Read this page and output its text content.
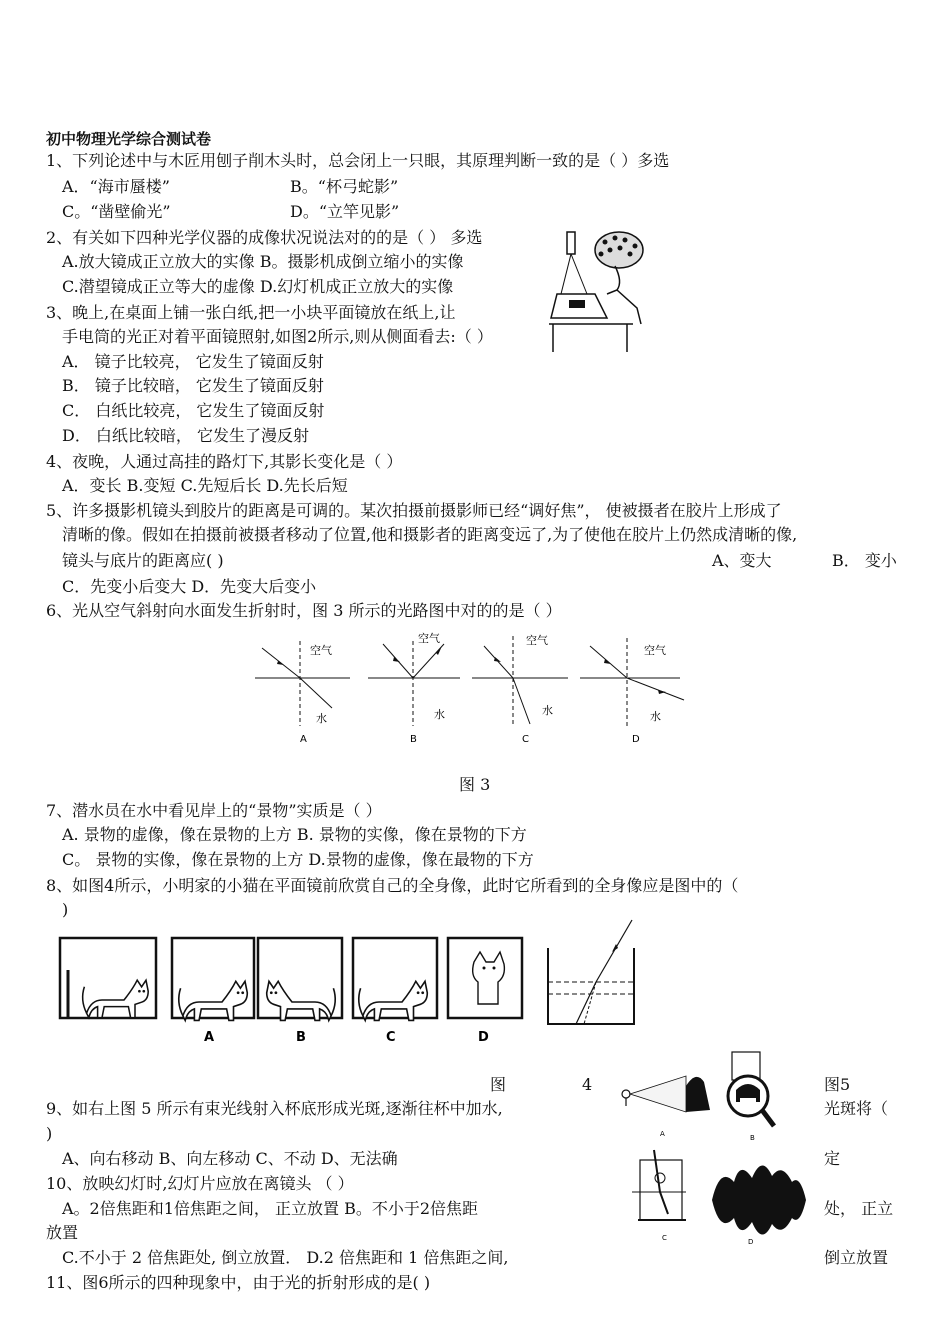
初中物理光学综合测试卷
1、下列论述中与木匠用刨子削木头时，总会闭上一只眼，其原理判断一致的是（ ）多选
A．“海市蜃楼”	B。“杯弓蛇影”
C。“凿壁偷光”	D。“立竿见影”
2、有关如下四种光学仪器的成像状况说法对的的是（ ） 多选
A.放大镜成正立放大的实像 B。摄影机成倒立缩小的实像
C.潜望镜成正立等大的虚像 D.幻灯机成正立放大的实像
3、晚上,在桌面上铺一张白纸,把一小块平面镜放在纸上,让
手电筒的光正对着平面镜照射,如图2所示,则从侧面看去:（ ）
A． 镜子比较亮， 它发生了镜面反射
B． 镜子比较暗， 它发生了镜面反射
C． 白纸比较亮， 它发生了镜面反射
D． 白纸比较暗， 它发生了漫反射
4、夜晚，人通过高挂的路灯下,其影长变化是（ ）
A．变长 B.变短 C.先短后长 D.先长后短
5、许多摄影机镜头到胶片的距离是可调的。某次拍摄前摄影师已经“调好焦”， 使被摄者在胶片上形成了
清晰的像。假如在拍摄前被摄者移动了位置,他和摄影者的距离变远了,为了使他在胶片上仍然成清晰的像,
镜头与底片的距离应( )	A、变大	B． 变小
C．先变小后变大 D．先变大后变小
6、光从空气斜射向水面发生折射时，图 3 所示的光路图中对的的是（ ）
空气
水
A
空气
水
B
空气
水
C
空气
水
D
图 3
7、潜水员在水中看见岸上的“景物”实质是（ ）
A. 景物的虚像，像在景物的上方 B. 景物的实像，像在景物的下方
C。 景物的实像，像在景物的上方 D.景物的虚像，像在最物的下方
8、如图4所示，小明家的小猫在平面镜前欣赏自己的全身像，此时它所看到的全身像应是图中的（
)
A	B	C	D
图	4	图5
A	B
C	D
9、如右上图 5 所示有束光线射入杯底形成光斑,逐渐往杯中加水,	光斑将（
)
A、向右移动 B、向左移动 C、不动 D、无法确	定
10、放映幻灯时,幻灯片应放在离镜头 （ ）
A。2倍焦距和1倍焦距之间， 正立放置 B。不小于2倍焦距	处， 正立
放置
C.不小于 2 倍焦距处, 倒立放置． D.2 倍焦距和 1 倍焦距之间,	倒立放置
11、图6所示的四种现象中，由于光的折射形成的是( )
